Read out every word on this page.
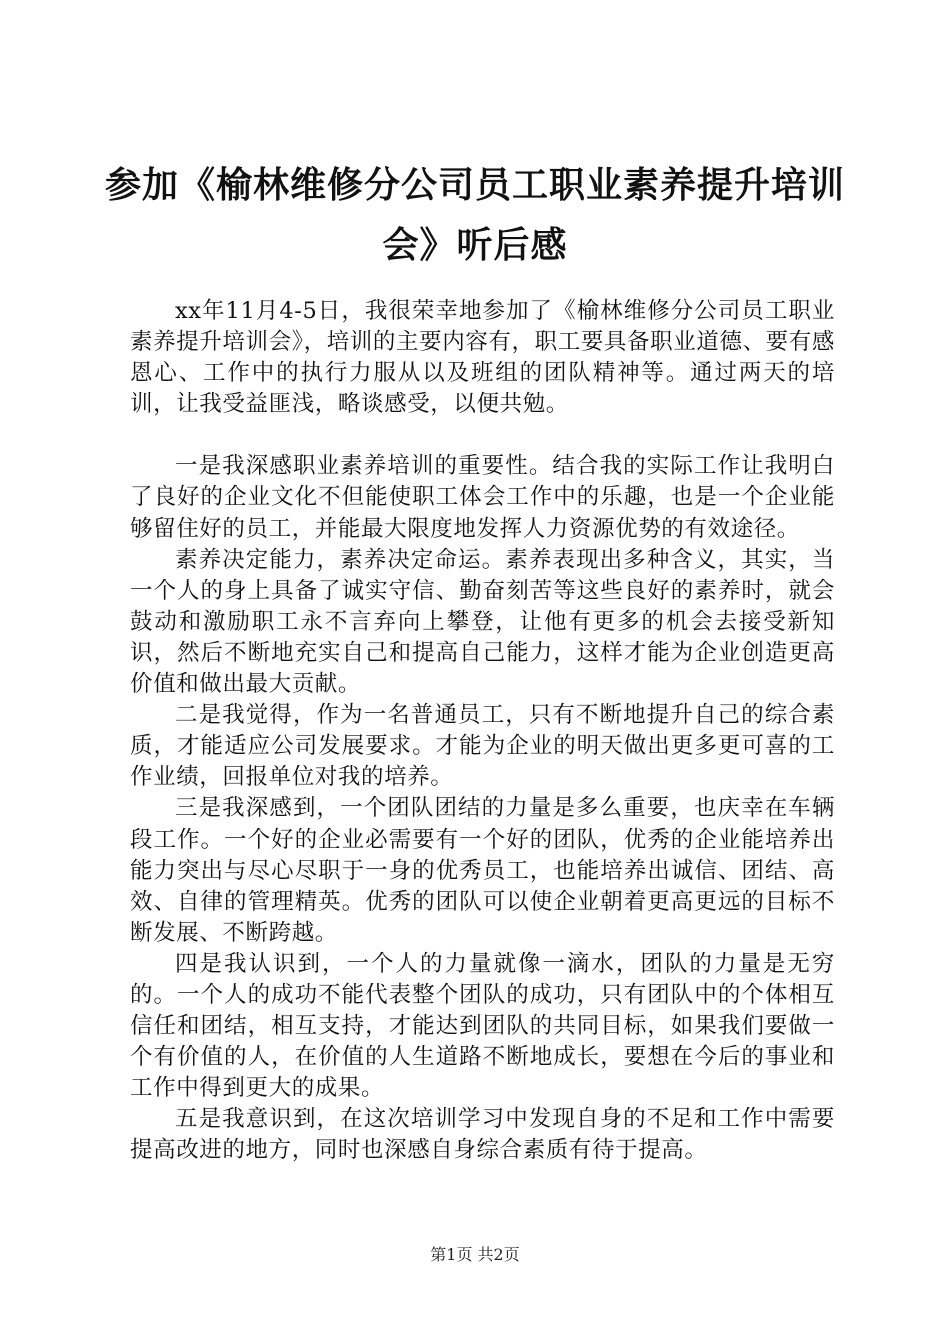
参加《榆林维修分公司员工职业素养提升培训会》听后感

xx年11月4-5日，我很荣幸地参加了《榆林维修分公司员工职业素养提升培训会》，培训的主要内容有，职工要具备职业道德、要有感恩心、工作中的执行力服从以及班组的团队精神等。通过两天的培训，让我受益匪浅，略谈感受，以便共勉。

一是我深感职业素养培训的重要性。结合我的实际工作让我明白了良好的企业文化不但能使职工体会工作中的乐趣，也是一个企业能够留住好的员工，并能最大限度地发挥人力资源优势的有效途径。

素养决定能力，素养决定命运。素养表现出多种含义，其实，当一个人的身上具备了诚实守信、勤奋刻苦等这些良好的素养时，就会鼓动和激励职工永不言弃向上攀登，让他有更多的机会去接受新知识，然后不断地充实自己和提高自己能力，这样才能为企业创造更高价值和做出最大贡献。

二是我觉得，作为一名普通员工，只有不断地提升自己的综合素质，才能适应公司发展要求。才能为企业的明天做出更多更可喜的工作业绩，回报单位对我的培养。

三是我深感到，一个团队团结的力量是多么重要，也庆幸在车辆段工作。一个好的企业必需要有一个好的团队，优秀的企业能培养出能力突出与尽心尽职于一身的优秀员工，也能培养出诚信、团结、高效、自律的管理精英。优秀的团队可以使企业朝着更高更远的目标不断发展、不断跨越。

四是我认识到，一个人的力量就像一滴水，团队的力量是无穷的。一个人的成功不能代表整个团队的成功，只有团队中的个体相互信任和团结，相互支持，才能达到团队的共同目标，如果我们要做一个有价值的人，在价值的人生道路不断地成长，要想在今后的事业和工作中得到更大的成果。

五是我意识到，在这次培训学习中发现自身的不足和工作中需要提高改进的地方，同时也深感自身综合素质有待于提高。

第1页 共2页
